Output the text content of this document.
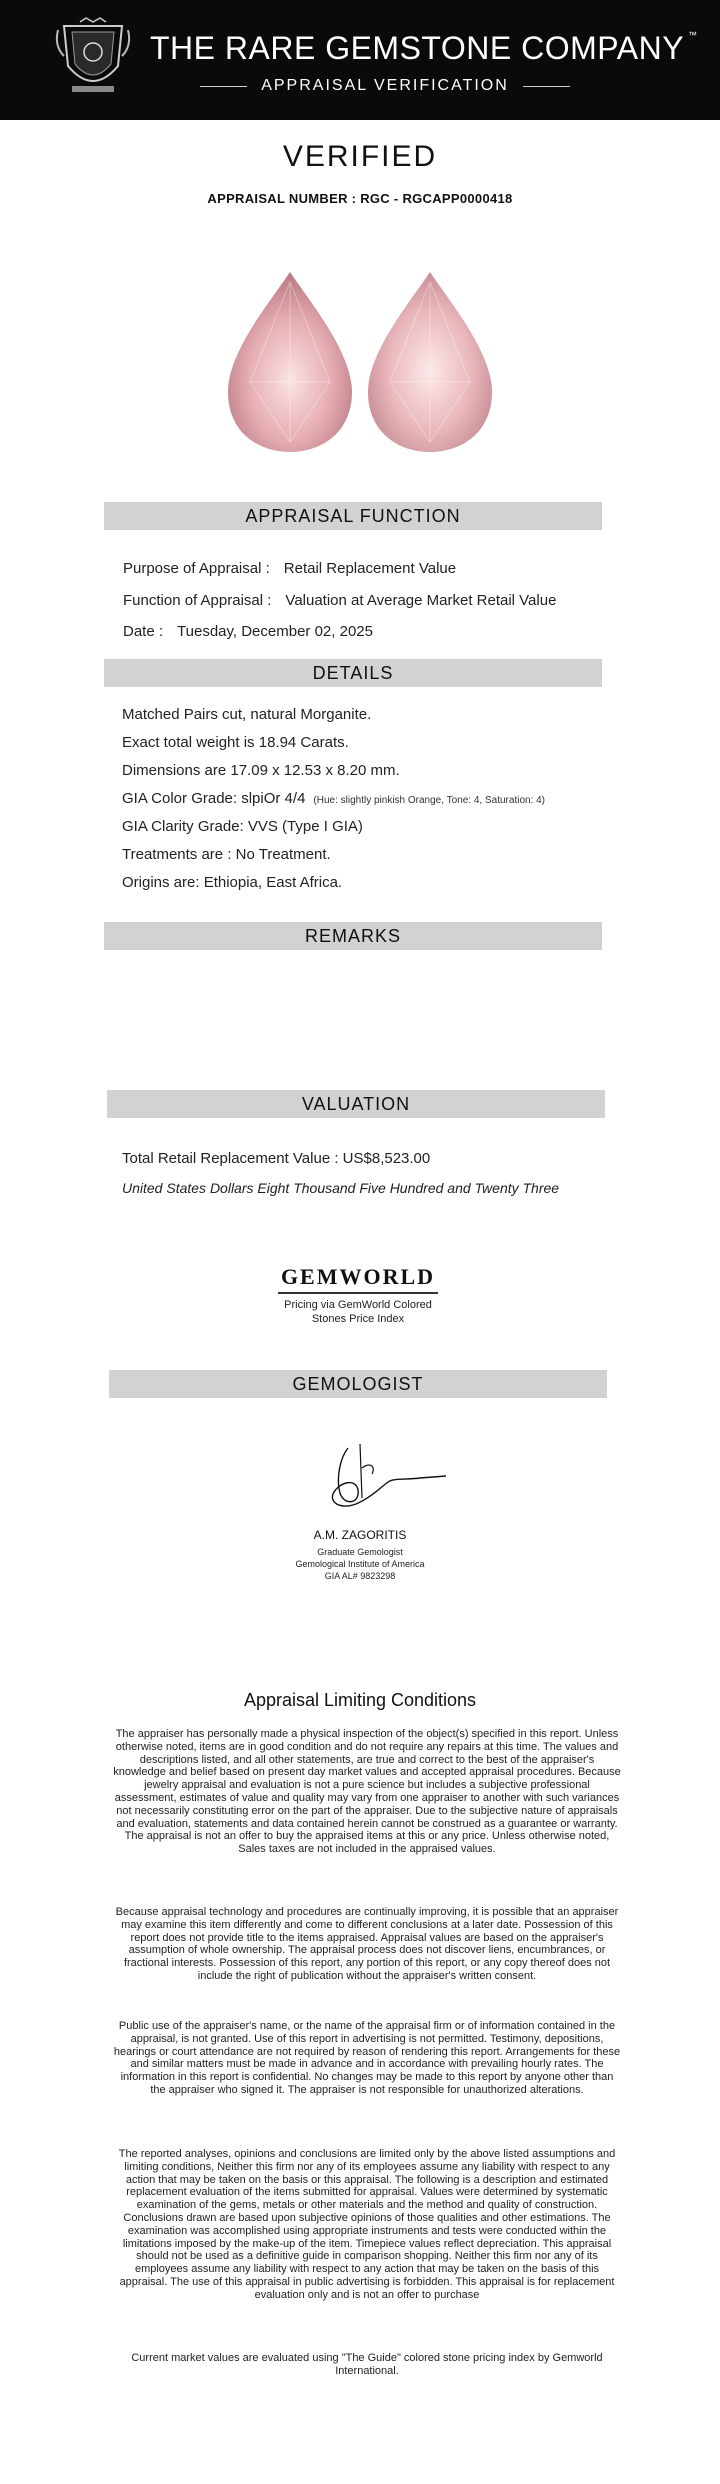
THE RARE GEMSTONE COMPANY ™
APPRAISAL VERIFICATION
VERIFIED
APPRAISAL NUMBER : RGC - RGCAPP0000418
APPRAISAL FUNCTION
Purpose of Appraisal : Retail Replacement Value
Function of Appraisal : Valuation at Average Market Retail Value
Date : Tuesday, December 02, 2025
DETAILS
Matched Pairs cut, natural Morganite.
Exact total weight is 18.94 Carats.
Dimensions are 17.09 x 12.53 x 8.20 mm.
GIA Color Grade: slpiOr 4/4 (Hue: slightly pinkish Orange, Tone: 4, Saturation: 4)
GIA Clarity Grade: VVS (Type I GIA)
Treatments are : No Treatment.
Origins are: Ethiopia, East Africa.
REMARKS
VALUATION
Total Retail Replacement Value : US$8,523.00
United States Dollars Eight Thousand Five Hundred and Twenty Three
GEMWORLD
Pricing via GemWorld Colored
Stones Price Index
GEMOLOGIST
A.M. ZAGORITIS
Graduate Gemologist
Gemological Institute of America
GIA AL# 9823298
Appraisal Limiting Conditions
The appraiser has personally made a physical inspection of the object(s) specified in this report. Unless otherwise noted, items are in good condition and do not require any repairs at this time. The values and descriptions listed, and all other statements, are true and correct to the best of the appraiser's knowledge and belief based on present day market values and accepted appraisal procedures. Because jewelry appraisal and evaluation is not a pure science but includes a subjective professional assessment, estimates of value and quality may vary from one appraiser to another with such variances not necessarily constituting error on the part of the appraiser. Due to the subjective nature of appraisals and evaluation, statements and data contained herein cannot be construed as a guarantee or warranty. The appraisal is not an offer to buy the appraised items at this or any price. Unless otherwise noted, Sales taxes are not included in the appraised values.
Because appraisal technology and procedures are continually improving, it is possible that an appraiser may examine this item differently and come to different conclusions at a later date. Possession of this report does not provide title to the items appraised. Appraisal values are based on the appraiser's assumption of whole ownership. The appraisal process does not discover liens, encumbrances, or fractional interests. Possession of this report, any portion of this report, or any copy thereof does not include the right of publication without the appraiser's written consent.
Public use of the appraiser's name, or the name of the appraisal firm or of information contained in the appraisal, is not granted. Use of this report in advertising is not permitted. Testimony, depositions, hearings or court attendance are not required by reason of rendering this report. Arrangements for these and similar matters must be made in advance and in accordance with prevailing hourly rates. The information in this report is confidential. No changes may be made to this report by anyone other than the appraiser who signed it. The appraiser is not responsible for unauthorized alterations.
The reported analyses, opinions and conclusions are limited only by the above listed assumptions and limiting conditions, Neither this firm nor any of its employees assume any liability with respect to any action that may be taken on the basis or this appraisal. The following is a description and estimated replacement evaluation of the items submitted for appraisal. Values were determined by systematic examination of the gems, metals or other materials and the method and quality of construction. Conclusions drawn are based upon subjective opinions of those qualities and other estimations. The examination was accomplished using appropriate instruments and tests were conducted within the limitations imposed by the make-up of the item. Timepiece values reflect depreciation. This appraisal should not be used as a definitive guide in comparison shopping. Neither this firm nor any of its employees assume any liability with respect to any action that may be taken on the basis of this appraisal. The use of this appraisal in public advertising is forbidden. This appraisal is for replacement evaluation only and is not an offer to purchase
Current market values are evaluated using "The Guide" colored stone pricing index by Gemworld International.
